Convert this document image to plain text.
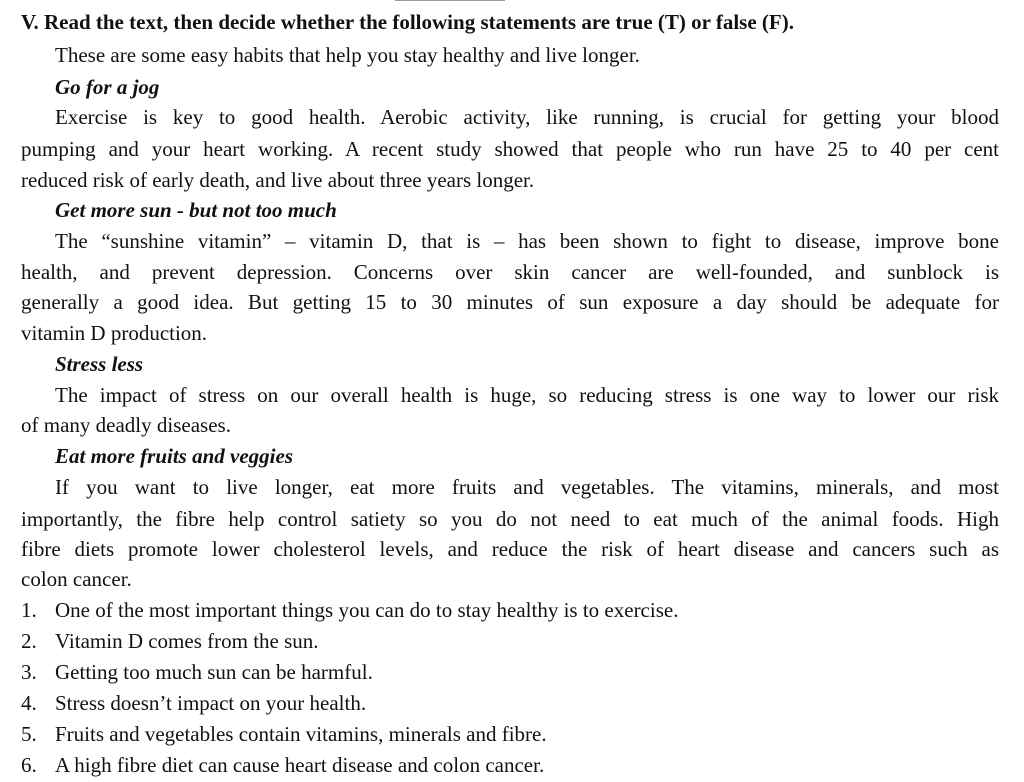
V. Read the text, then decide whether the following statements are true (T) or false (F).
These are some easy habits that help you stay healthy and live longer.
Go for a jog
Exercise is key to good health. Aerobic activity, like running, is crucial for getting your blood
pumping and your heart working. A recent study showed that people who run have 25 to 40 per cent
reduced risk of early death, and live about three years longer.
Get more sun - but not too much
The “sunshine vitamin” – vitamin D, that is – has been shown to fight to disease, improve bone
health, and prevent depression. Concerns over skin cancer are well-founded, and sunblock is
generally a good idea. But getting 15 to 30 minutes of sun exposure a day should be adequate for
vitamin D production.
Stress less
The impact of stress on our overall health is huge, so reducing stress is one way to lower our risk
of many deadly diseases.
Eat more fruits and veggies
If you want to live longer, eat more fruits and vegetables. The vitamins, minerals, and most
importantly, the fibre help control satiety so you do not need to eat much of the animal foods. High
fibre diets promote lower cholesterol levels, and reduce the risk of heart disease and cancers such as
colon cancer.
1. One of the most important things you can do to stay healthy is to exercise.
2. Vitamin D comes from the sun.
3. Getting too much sun can be harmful.
4. Stress doesn’t impact on your health.
5. Fruits and vegetables contain vitamins, minerals and fibre.
6. A high fibre diet can cause heart disease and colon cancer.
